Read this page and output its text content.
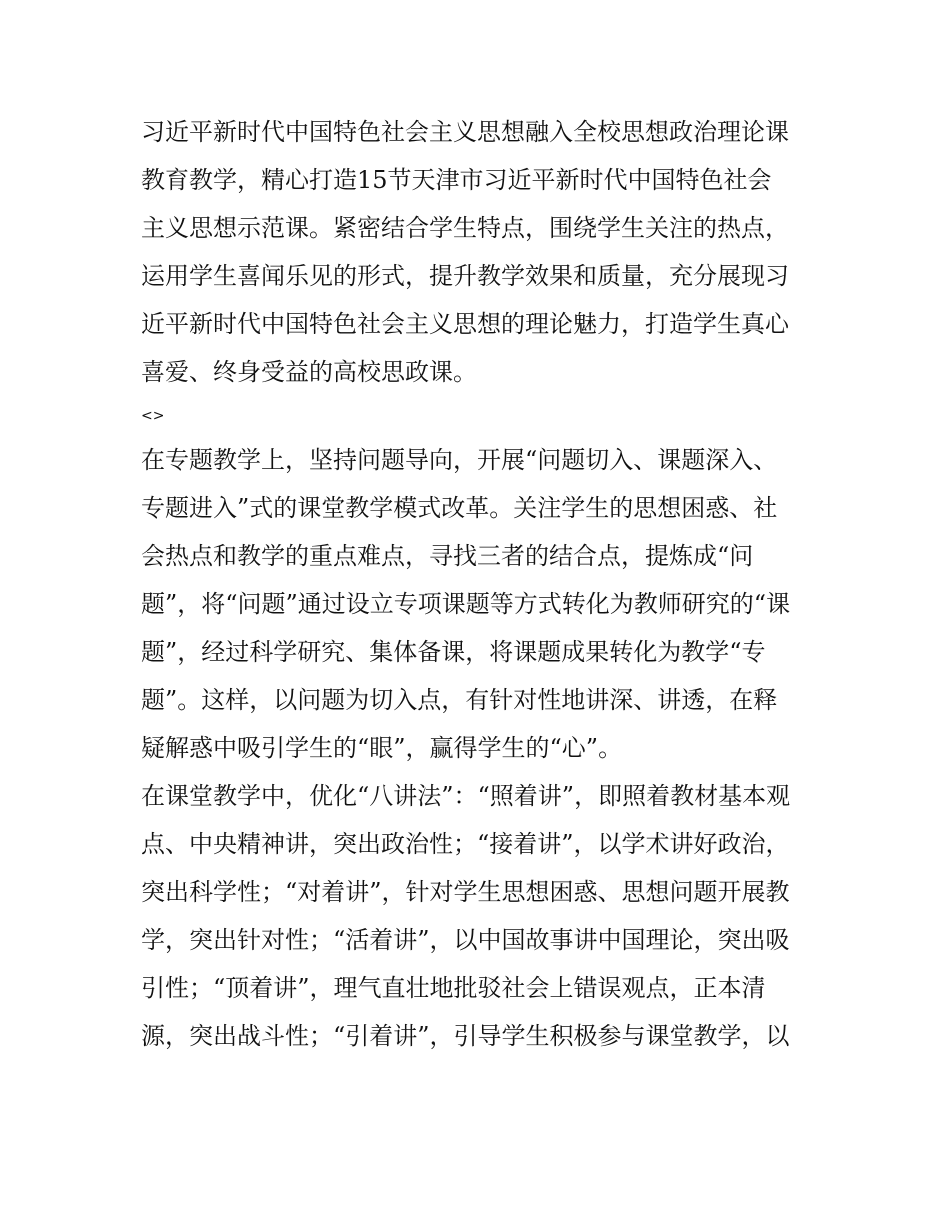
习近平新时代中国特色社会主义思想融入全校思想政治理论课
教育教学，精心打造15节天津市习近平新时代中国特色社会
主义思想示范课。紧密结合学生特点，围绕学生关注的热点，
运用学生喜闻乐见的形式，提升教学效果和质量，充分展现习
近平新时代中国特色社会主义思想的理论魅力，打造学生真心
喜爱、终身受益的高校思政课。
<>
在专题教学上，坚持问题导向，开展“问题切入、课题深入、
专题进入”式的课堂教学模式改革。关注学生的思想困惑、社
会热点和教学的重点难点，寻找三者的结合点，提炼成“问
题”，将“问题”通过设立专项课题等方式转化为教师研究的“课
题”，经过科学研究、集体备课，将课题成果转化为教学“专
题”。这样，以问题为切入点，有针对性地讲深、讲透，在释
疑解惑中吸引学生的“眼”，赢得学生的“心”。
在课堂教学中，优化“八讲法”：“照着讲”，即照着教材基本观
点、中央精神讲，突出政治性；“接着讲”，以学术讲好政治，
突出科学性；“对着讲”，针对学生思想困惑、思想问题开展教
学，突出针对性；“活着讲”，以中国故事讲中国理论，突出吸
引性；“顶着讲”，理气直壮地批驳社会上错误观点，正本清
源，突出战斗性；“引着讲”，引导学生积极参与课堂教学，以
